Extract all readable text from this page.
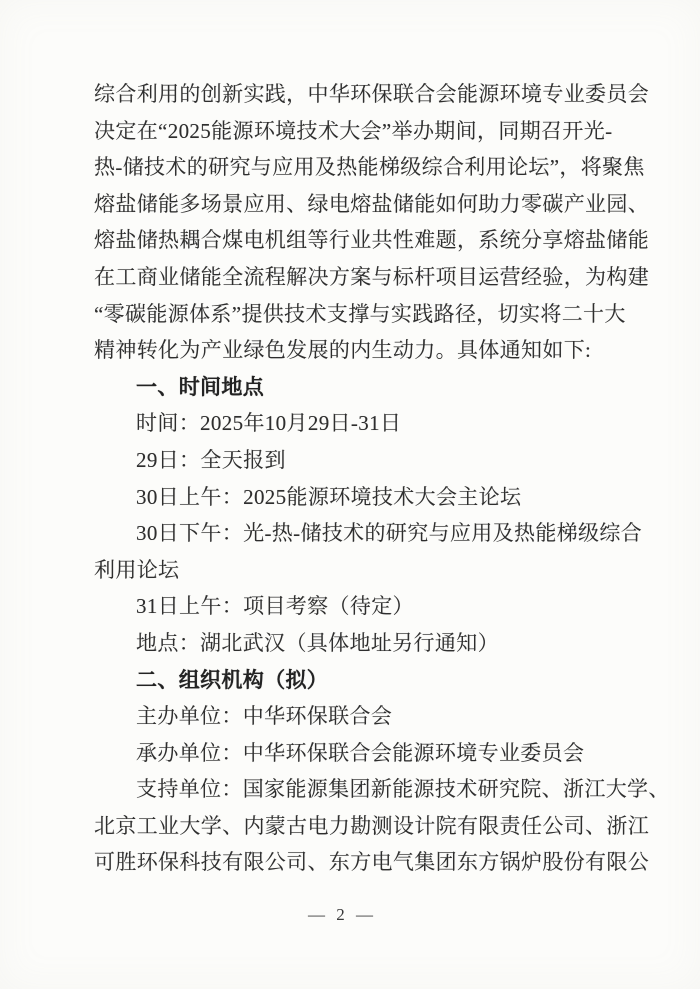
综合利用的创新实践，中华环保联合会能源环境专业委员会
决定在“2025能源环境技术大会”举办期间，同期召开光-
热-储技术的研究与应用及热能梯级综合利用论坛”，将聚焦
熔盐储能多场景应用、绿电熔盐储能如何助力零碳产业园、
熔盐储热耦合煤电机组等行业共性难题，系统分享熔盐储能
在工商业储能全流程解决方案与标杆项目运营经验，为构建
“零碳能源体系”提供技术支撑与实践路径，切实将二十大
精神转化为产业绿色发展的内生动力。具体通知如下:
一、时间地点
时间：2025年10月29日-31日
29日：全天报到
30日上午：2025能源环境技术大会主论坛
30日下午：光-热-储技术的研究与应用及热能梯级综合
利用论坛
31日上午：项目考察（待定）
地点：湖北武汉（具体地址另行通知）
二、组织机构（拟）
主办单位：中华环保联合会
承办单位：中华环保联合会能源环境专业委员会
支持单位：国家能源集团新能源技术研究院、浙江大学、
北京工业大学、内蒙古电力勘测设计院有限责任公司、浙江
可胜环保科技有限公司、东方电气集团东方锅炉股份有限公
— 2 —
